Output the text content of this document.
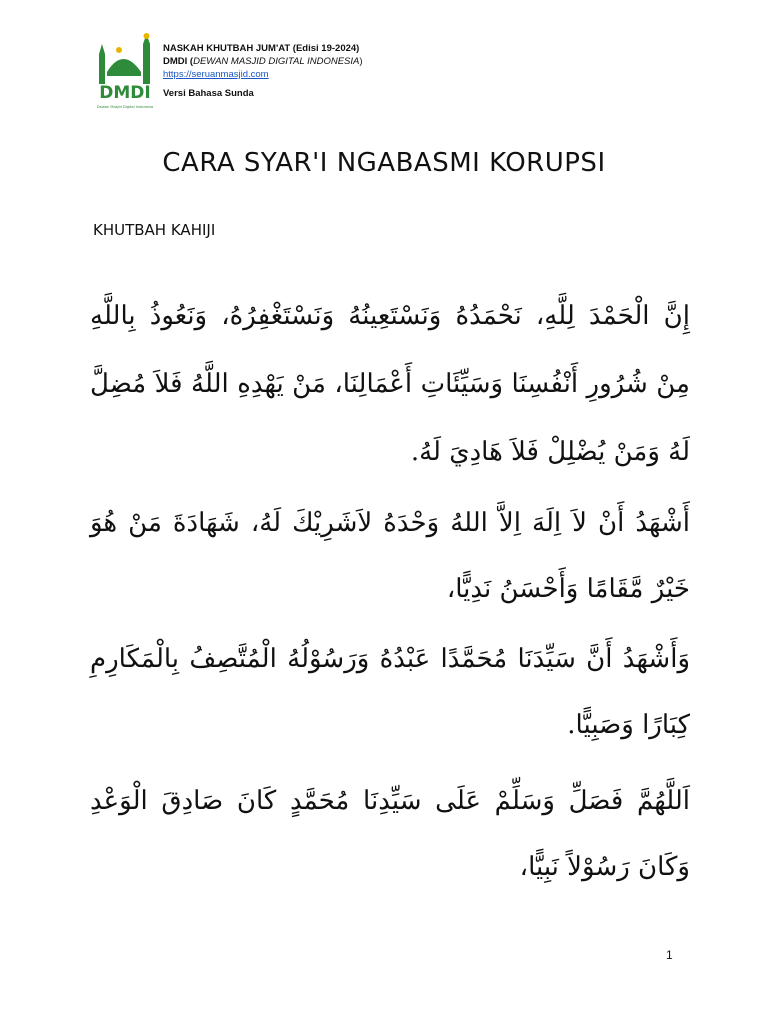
DMDI
Dewan Masjid Digital Indonesia
NASKAH KHUTBAH JUM'AT (Edisi 19-2024)
DMDI (DEWAN MASJID DIGITAL INDONESIA)
https://seruanmasjid.com
Versi Bahasa Sunda
CARA SYAR'I NGABASMI KORUPSI
KHUTBAH KAHIJI
إِنَّ الْحَمْدَ لِلَّهِ، نَحْمَدُهُ وَنَسْتَعِينُهُ وَنَسْتَغْفِرُهُ، وَنَعُوذُ بِاللَّهِ مِنْ شُرُورِ أَنْفُسِنَا وَسَيِّئَاتِ أَعْمَالِنَا، مَنْ يَهْدِهِ اللَّهُ فَلاَ مُضِلَّ لَهُ وَمَنْ يُضْلِلْ فَلاَ هَادِيَ لَهُ.
أَشْهَدُ أَنْ لاَ اِلَهَ اِلاَّ اللهُ وَحْدَهُ لاَشَرِيْكَ لَهُ، شَهَادَةَ مَنْ هُوَ خَيْرٌ مَّقَامًا وَأَحْسَنُ نَدِيًّا،
وَأَشْهَدُ أَنَّ سَيِّدَنَا مُحَمَّدًا عَبْدُهُ وَرَسُوْلُهُ الْمُتَّصِفُ بِالْمَكَارِمِ كِبَارًا وَصَبِيًّا.
اَللَّهُمَّ فَصَلِّ وَسَلِّمْ عَلَى سَيِّدِنَا مُحَمَّدٍ كَانَ صَادِقَ الْوَعْدِ وَكَانَ رَسُوْلاً نَبِيًّا،
1
